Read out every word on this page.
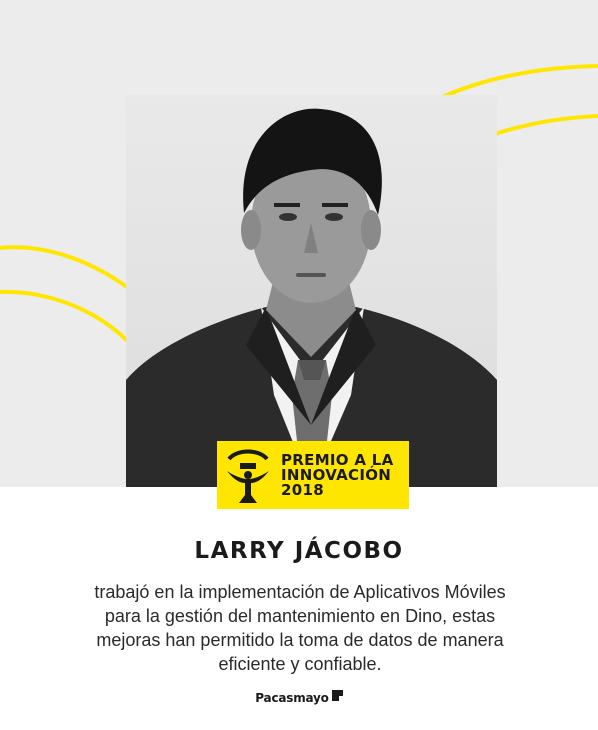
PREMIO A LA
INNOVACIÓN
2018
LARRY JÁCOBO
trabajó en la implementación de Aplicativos Móviles para la gestión del mantenimiento en Dino, estas mejoras han permitido la toma de datos de manera eficiente y confiable.
Pacasmayo
